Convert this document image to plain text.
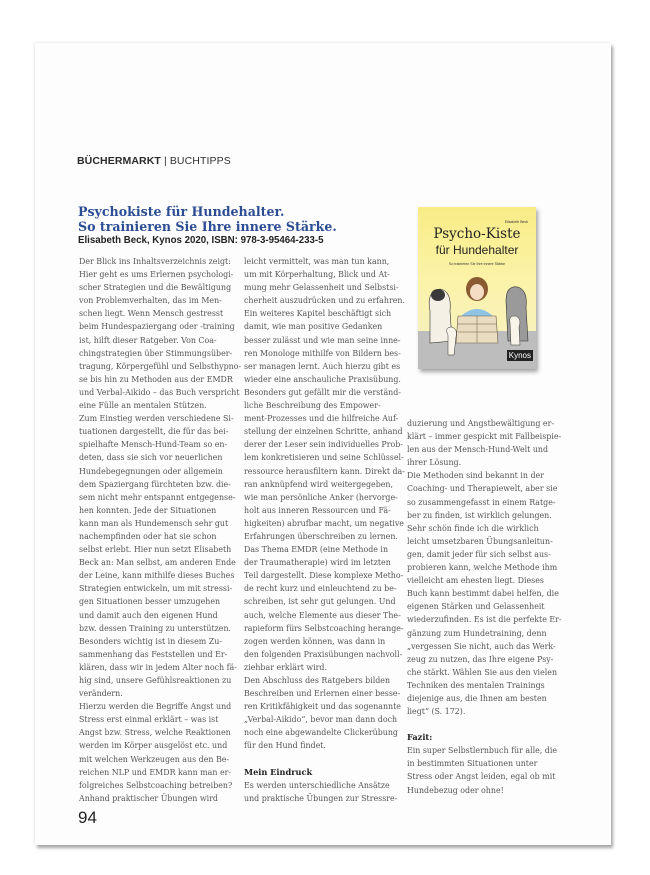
BÜCHERMARKT | BUCHTIPPS
Psychokiste für Hundehalter.
So trainieren Sie Ihre innere Stärke.
Elisabeth Beck, Kynos 2020, ISBN: 978-3-95464-233-5

Der Blick ins Inhaltsverzeichnis zeigt:

Hier geht es ums Erlernen psychologi-

scher Strategien und die Bewältigung

von Problemverhalten, das im Men-

schen liegt. Wenn Mensch gestresst

beim Hundespaziergang oder -training

ist, hilft dieser Ratgeber. Von Coa-

chingstrategien über Stimmungsüber-

tragung, Körpergefühl und Selbsthypno-

se bis hin zu Methoden aus der EMDR

und Verbal-Aikido – das Buch verspricht

eine Fülle an mentalen Stützen.

Zum Einstieg werden verschiedene Si-

tuationen dargestellt, die für das bei-

spielhafte Mensch-Hund-Team so en-

deten, dass sie sich vor neuerlichen

Hundebegegnungen oder allgemein

dem Spaziergang fürchteten bzw. die-

sem nicht mehr entspannt entgegense-

hen konnten. Jede der Situationen

kann man als Hundemensch sehr gut

nachempfinden oder hat sie schon

selbst erlebt. Hier nun setzt Elisabeth

Beck an: Man selbst, am anderen Ende

der Leine, kann mithilfe dieses Buches

Strategien entwickeln, um mit stressi-

gen Situationen besser umzugehen

und damit auch den eigenen Hund

bzw. dessen Training zu unterstützen.

Besonders wichtig ist in diesem Zu-

sammenhang das Feststellen und Er-

klären, dass wir in jedem Alter noch fä-

hig sind, unsere Gefühlsreaktionen zu

verändern.

Hierzu werden die Begriffe Angst und

Stress erst einmal erklärt – was ist

Angst bzw. Stress, welche Reaktionen

werden im Körper ausgelöst etc. und

mit welchen Werkzeugen aus den Be-

reichen NLP und EMDR kann man er-

folgreiches Selbstcoaching betreiben?

Anhand praktischer Übungen wird

leicht vermittelt, was man tun kann,

um mit Körperhaltung, Blick und At-

mung mehr Gelassenheit und Selbstsi-

cherheit auszudrücken und zu erfahren.

Ein weiteres Kapitel beschäftigt sich

damit, wie man positive Gedanken

besser zulässt und wie man seine inne-

ren Monologe mithilfe von Bildern bes-

ser managen lernt. Auch hierzu gibt es

wieder eine anschauliche Praxisübung.

Besonders gut gefällt mir die verständ-

liche Beschreibung des Empower-

ment-Prozesses und die hilfreiche Auf-

stellung der einzelnen Schritte, anhand

derer der Leser sein individuelles Prob-

lem konkretisieren und seine Schlüssel-

ressource herausfiltern kann. Direkt da-

ran anknüpfend wird weitergegeben,

wie man persönliche Anker (hervorge-

holt aus inneren Ressourcen und Fä-

higkeiten) abrufbar macht, um negative

Erfahrungen überschreiben zu lernen.

Das Thema EMDR (eine Methode in

der Traumatherapie) wird im letzten

Teil dargestellt. Diese komplexe Metho-

de recht kurz und einleuchtend zu be-

schreiben, ist sehr gut gelungen. Und

auch, welche Elemente aus dieser The-

rapieform fürs Selbstcoaching herange-

zogen werden können, was dann in

den folgenden Praxisübungen nachvoll-

ziehbar erklärt wird.

Den Abschluss des Ratgebers bilden

Beschreiben und Erlernen einer besse-

ren Kritikfähigkeit und das sogenannte

„Verbal-Aikido“, bevor man dann doch

noch eine abgewandelte Clickerübung

für den Hund findet.

Mein Eindruck

Es werden unterschiedliche Ansätze

und praktische Übungen zur Stressre-

duzierung und Angstbewältigung er-

klärt – immer gespickt mit Fallbeispie-

len aus der Mensch-Hund-Welt und

ihrer Lösung.

Die Methoden sind bekannt in der

Coaching- und Therapiewelt, aber sie

so zusammengefasst in einem Ratge-

ber zu finden, ist wirklich gelungen.

Sehr schön finde ich die wirklich

leicht umsetzbaren Übungsanleitun-

gen, damit jeder für sich selbst aus-

probieren kann, welche Methode ihm

vielleicht am ehesten liegt. Dieses

Buch kann bestimmt dabei helfen, die

eigenen Stärken und Gelassenheit

wiederzufinden. Es ist die perfekte Er-

gänzung zum Hundetraining, denn

„vergessen Sie nicht, auch das Werk-

zeug zu nutzen, das Ihre eigene Psy-

che stärkt. Wählen Sie aus den vielen

Techniken des mentalen Trainings

diejenige aus, die Ihnen am besten

liegt“ (S. 172).

Fazit:

Ein super Selbstlernbuch für alle, die

in bestimmten Situationen unter

Stress oder Angst leiden, egal ob mit

Hundebezug oder ohne!

Elisabeth Beck
Psycho-Kiste
für Hundehalter
So trainieren Sie Ihre innere Stärke
Kynos
94
